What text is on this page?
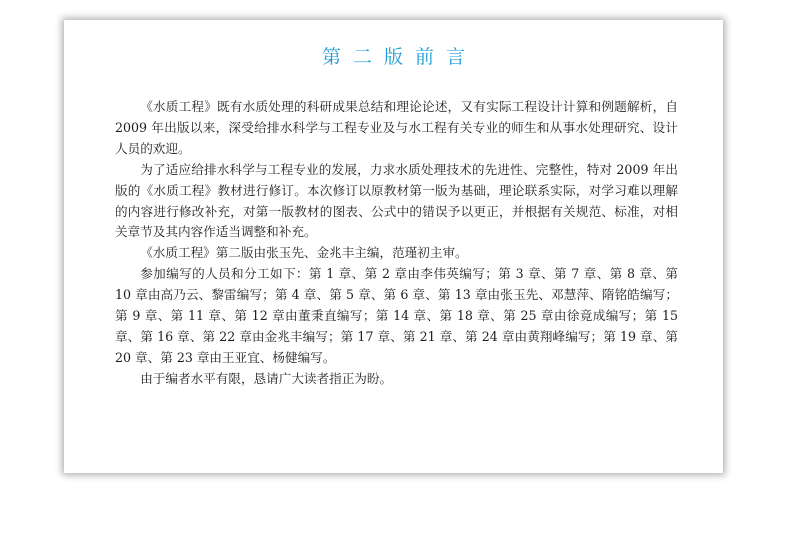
第二版前言

《水质工程》既有水质处理的科研成果总结和理论论述，又有实际工程设计计算和例题解析，自 2009 年出版以来，深受给排水科学与工程专业及与水工程有关专业的师生和从事水处理研究、设计人员的欢迎。

为了适应给排水科学与工程专业的发展，力求水质处理技术的先进性、完整性，特对 2009 年出版的《水质工程》教材进行修订。本次修订以原教材第一版为基础，理论联系实际，对学习难以理解的内容进行修改补充，对第一版教材的图表、公式中的错误予以更正，并根据有关规范、标准，对相关章节及其内容作适当调整和补充。

《水质工程》第二版由张玉先、金兆丰主编，范瑾初主审。

参加编写的人员和分工如下：第 1 章、第 2 章由李伟英编写；第 3 章、第 7 章、第 8 章、第 10 章由高乃云、黎雷编写；第 4 章、第 5 章、第 6 章、第 13 章由张玉先、邓慧萍、隋铭皓编写；第 9 章、第 11 章、第 12 章由董秉直编写；第 14 章、第 18 章、第 25 章由徐竟成编写；第 15 章、第 16 章、第 22 章由金兆丰编写；第 17 章、第 21 章、第 24 章由黄翔峰编写；第 19 章、第 20 章、第 23 章由王亚宜、杨健编写。

由于编者水平有限，恳请广大读者指正为盼。
